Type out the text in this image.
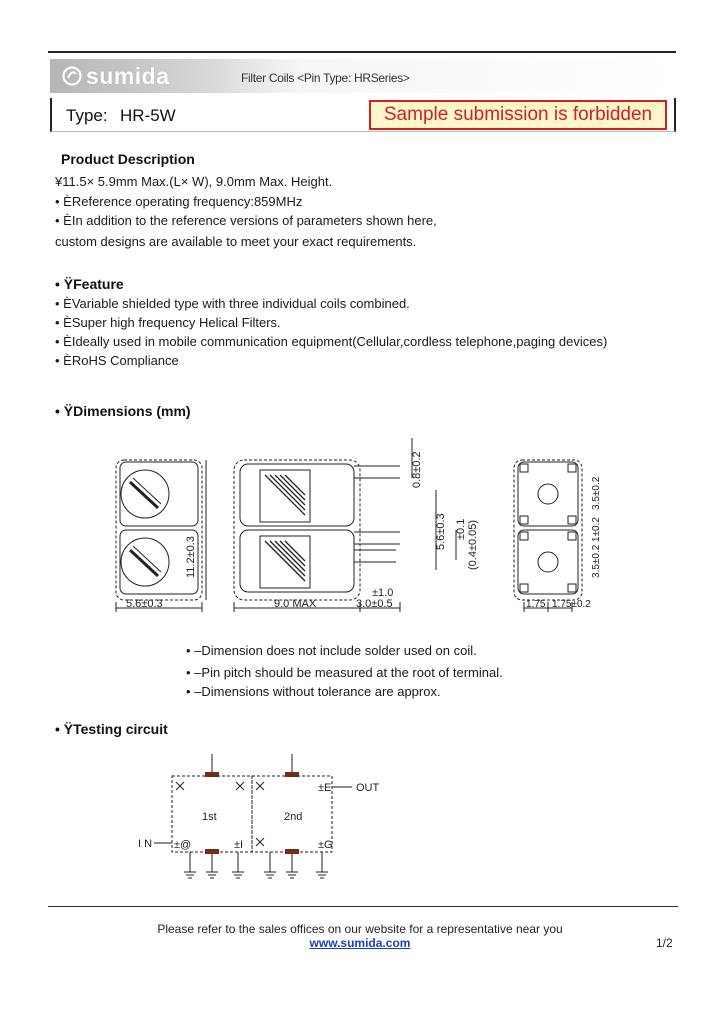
sumida	Filter Coils <Pin Type: HRSeries>
Type: HR-5W	Sample submission is forbidden
Product Description
¥11.5× 5.9mm Max.(L× W), 9.0mm Max. Height.
• ÈReference operating frequency:859MHz
• ÈIn addition to the reference versions of parameters shown here,
custom designs are available to meet your exact requirements.
• ŸFeature
• ÈVariable shielded type with three individual coils combined.
• ÈSuper high frequency Helical Filters.
• ÈIdeally used in mobile communication equipment(Cellular,cordless telephone,paging devices)
• ÈRoHS Compliance
• ŸDimensions (mm)
5.6±0.3
11.2±0.3
9.0 MAX	3.0±0.5
±1.0
0.8±0.2
5.6±0.3 ±0.1 (0.4±0.05)
1.75 1.75±0.2
3.5±0.2
3.5±0.2
1±0.2
• –Dimension does not include solder used on coil.
• –Pin pitch should be measured at the root of terminal.
• –Dimensions without tolerance are approx.
• ŸTesting circuit
1st	2nd
I N
OUT
±@	±I
±E
±G
Please refer to the sales offices on our website for a representative near you
www.sumida.com	1/2
